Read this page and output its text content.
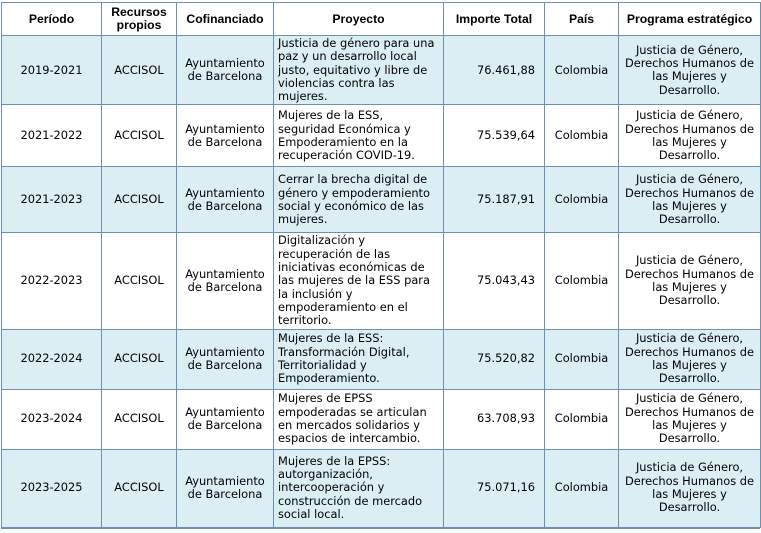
Período	Recursos propios	Cofinanciado	Proyecto	Importe Total	País	Programa estratégico
2019-2021	ACCISOL	Ayuntamiento de Barcelona	Justicia de género para una paz y un desarrollo local justo, equitativo y libre de violencias contra las mujeres.	76.461,88	Colombia	Justicia de Género, Derechos Humanos de las Mujeres y Desarrollo.
2021-2022	ACCISOL	Ayuntamiento de Barcelona	Mujeres de la ESS, seguridad Económica y Empoderamiento en la recuperación COVID-19.	75.539,64	Colombia	Justicia de Género, Derechos Humanos de las Mujeres y Desarrollo.
2021-2023	ACCISOL	Ayuntamiento de Barcelona	Cerrar la brecha digital de género y empoderamiento social y económico de las mujeres.	75.187,91	Colombia	Justicia de Género, Derechos Humanos de las Mujeres y Desarrollo.
2022-2023	ACCISOL	Ayuntamiento de Barcelona	Digitalización y recuperación de las iniciativas económicas de las mujeres de la ESS para la inclusión y empoderamiento en el territorio.	75.043,43	Colombia	Justicia de Género, Derechos Humanos de las Mujeres y Desarrollo.
2022-2024	ACCISOL	Ayuntamiento de Barcelona	Mujeres de la ESS: Transformación Digital, Territorialidad y Empoderamiento.	75.520,82	Colombia	Justicia de Género, Derechos Humanos de las Mujeres y Desarrollo.
2023-2024	ACCISOL	Ayuntamiento de Barcelona	Mujeres de EPSS empoderadas se articulan en mercados solidarios y espacios de intercambio.	63.708,93	Colombia	Justicia de Género, Derechos Humanos de las Mujeres y Desarrollo.
2023-2025	ACCISOL	Ayuntamiento de Barcelona	Mujeres de la EPSS: autorganización, intercooperación y construcción de mercado social local.	75.071,16	Colombia	Justicia de Género, Derechos Humanos de las Mujeres y Desarrollo.
